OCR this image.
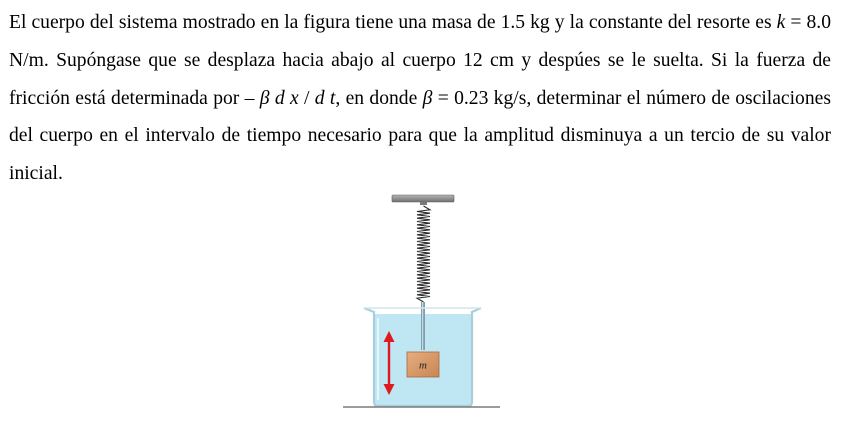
El cuerpo del sistema mostrado en la figura tiene una masa de 1.5 kg y la constante del resorte es k = 8.0 N/m. Supóngase que se desplaza hacia abajo al cuerpo 12 cm y despúes se le suelta. Si la fuerza de fricción está determinada por – β d x / d t, en donde β = 0.23 kg/s, determinar el número de oscilaciones del cuerpo en el intervalo de tiempo necesario para que la amplitud disminuya a un tercio de su valor inicial.

m
